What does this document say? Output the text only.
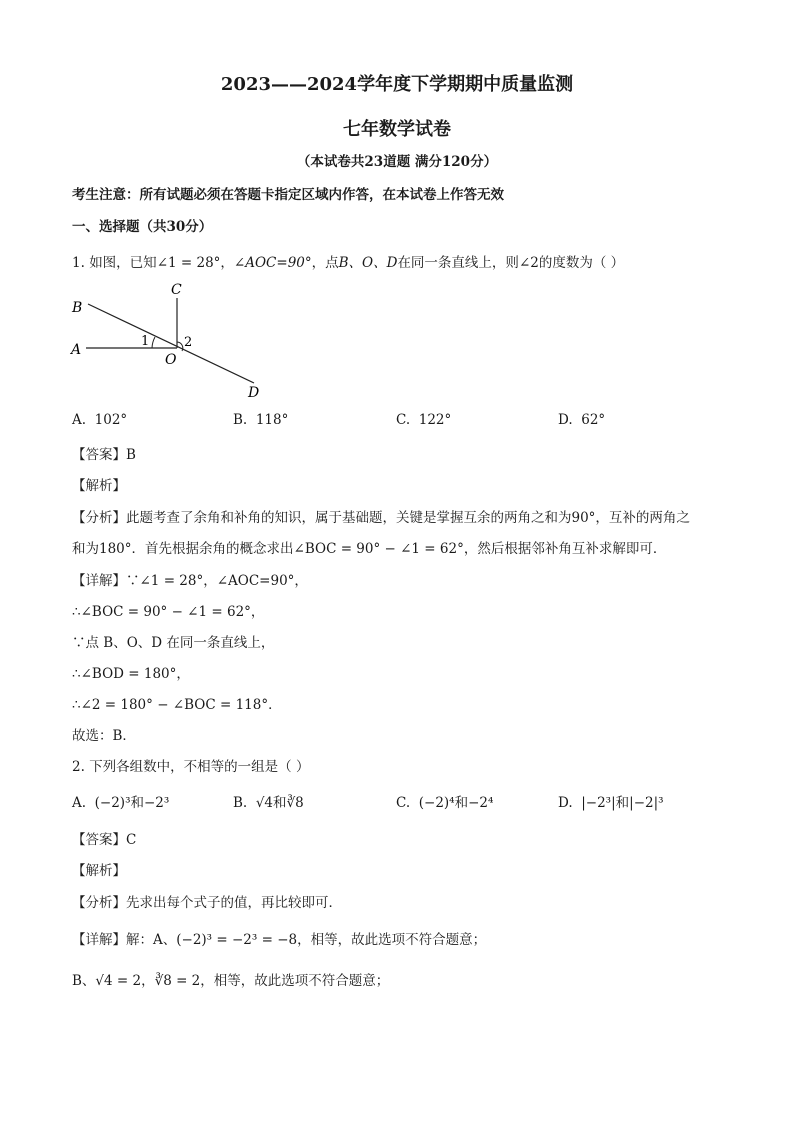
2023——2024学年度下学期期中质量监测
七年数学试卷
（本试卷共23道题 满分120分）
考生注意：所有试题必须在答题卡指定区域内作答，在本试卷上作答无效
一、选择题（共30分）
1. 如图，已知∠1 = 28°，∠AOC=90°，点B、O、D在同一条直线上，则∠2的度数为（ ）
B
A
C
O
D
1	2
A. 102°	B. 118°	C. 122°	D. 62°
【答案】B
【解析】
【分析】此题考查了余角和补角的知识，属于基础题，关键是掌握互余的两角之和为90°，互补的两角之
和为180°．首先根据余角的概念求出∠BOC = 90° − ∠1 = 62°，然后根据邻补角互补求解即可．
【详解】∵∠1 = 28°，∠AOC=90°，
∴∠BOC = 90° − ∠1 = 62°，
∵点 B、O、D 在同一条直线上，
∴∠BOD = 180°，
∴∠2 = 180° − ∠BOC = 118°．
故选：B．
2. 下列各组数中，不相等的一组是（ ）
A. (−2)³和−2³	B. √4和∛8	C. (−2)⁴和−2⁴	D. |−2³|和|−2|³
【答案】C
【解析】
【分析】先求出每个式子的值，再比较即可．
【详解】解：A、(−2)³ = −2³ = −8，相等，故此选项不符合题意；
B、√4 = 2，∛8 = 2，相等，故此选项不符合题意；
